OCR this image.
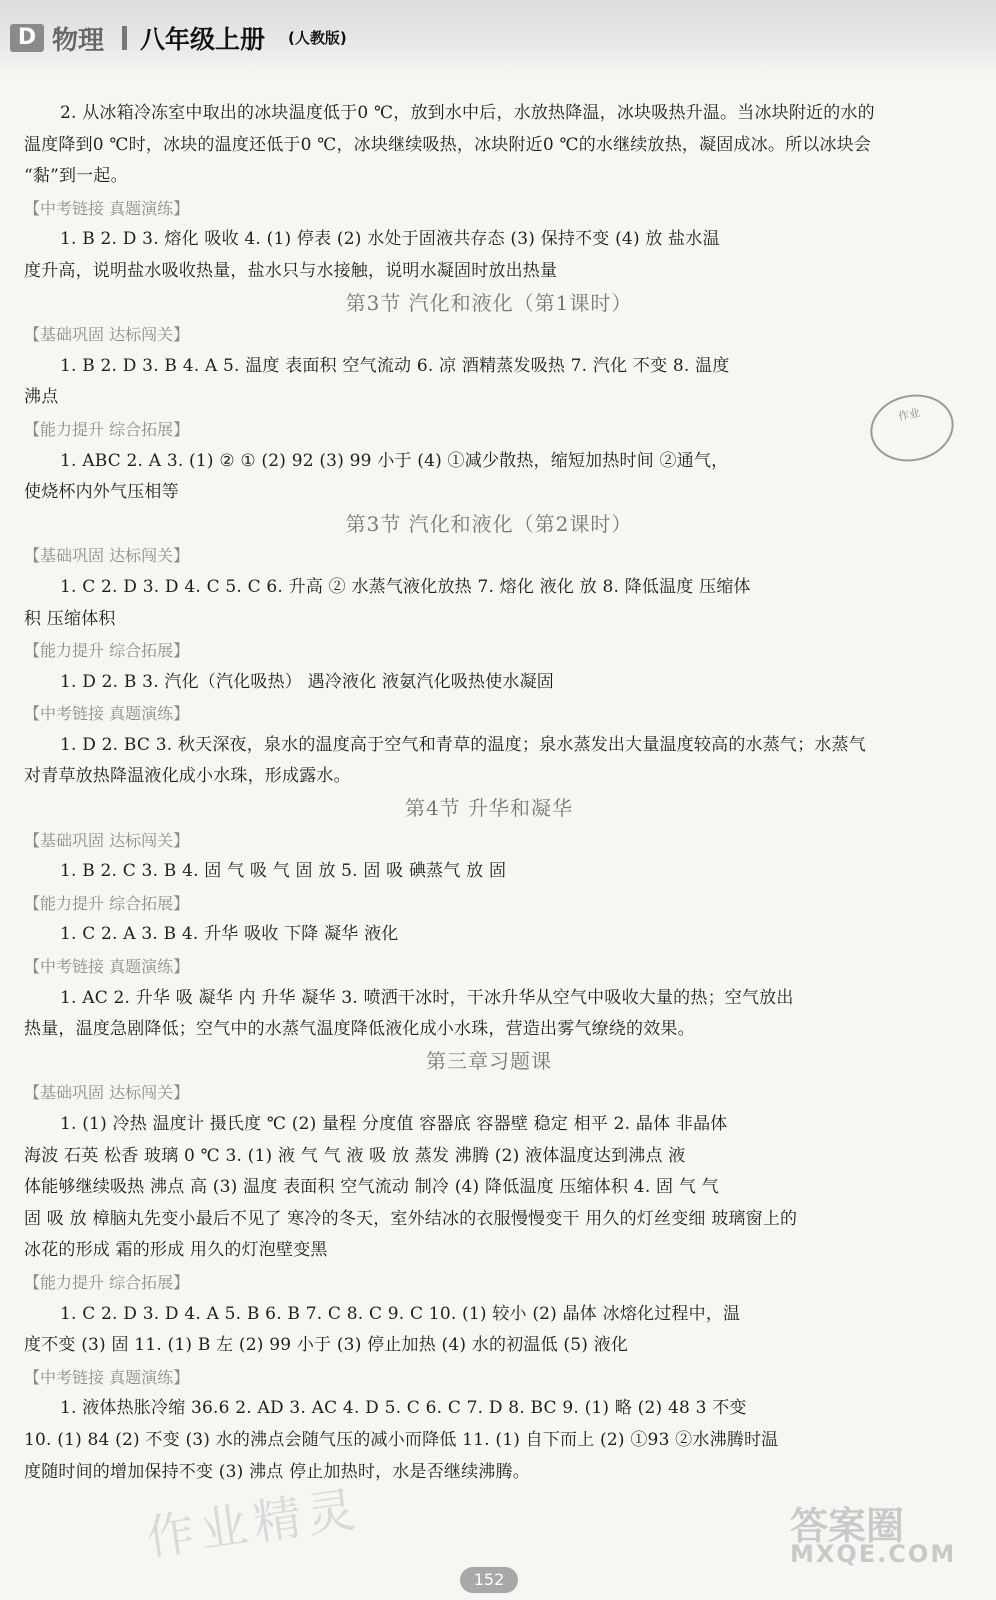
D 物理 八年级上册 (人教版)

2. 从冰箱冷冻室中取出的冰块温度低于0 ℃，放到水中后，水放热降温，冰块吸热升温。当冰块附近的水的

温度降到0 ℃时，冰块的温度还低于0 ℃，冰块继续吸热，冰块附近0 ℃的水继续放热，凝固成冰。所以冰块会

“黏”到一起。

【中考链接 真题演练】

1. B 2. D 3. 熔化 吸收 4. (1) 停表 (2) 水处于固液共存态 (3) 保持不变 (4) 放 盐水温

度升高，说明盐水吸收热量，盐水只与水接触，说明水凝固时放出热量

第3节 汽化和液化（第1课时）

【基础巩固 达标闯关】

1. B 2. D 3. B 4. A 5. 温度 表面积 空气流动 6. 凉 酒精蒸发吸热 7. 汽化 不变 8. 温度

沸点

【能力提升 综合拓展】

1. ABC 2. A 3. (1) ② ① (2) 92 (3) 99 小于 (4) ①减少散热，缩短加热时间 ②通气，

使烧杯内外气压相等

第3节 汽化和液化（第2课时）

【基础巩固 达标闯关】

1. C 2. D 3. D 4. C 5. C 6. 升高 ② 水蒸气液化放热 7. 熔化 液化 放 8. 降低温度 压缩体

积 压缩体积

【能力提升 综合拓展】

1. D 2. B 3. 汽化（汽化吸热） 遇冷液化 液氨汽化吸热使水凝固

【中考链接 真题演练】

1. D 2. BC 3. 秋天深夜，泉水的温度高于空气和青草的温度；泉水蒸发出大量温度较高的水蒸气；水蒸气

对青草放热降温液化成小水珠，形成露水。

第4节 升华和凝华

【基础巩固 达标闯关】

1. B 2. C 3. B 4. 固 气 吸 气 固 放 5. 固 吸 碘蒸气 放 固

【能力提升 综合拓展】

1. C 2. A 3. B 4. 升华 吸收 下降 凝华 液化

【中考链接 真题演练】

1. AC 2. 升华 吸 凝华 内 升华 凝华 3. 喷洒干冰时，干冰升华从空气中吸收大量的热；空气放出

热量，温度急剧降低；空气中的水蒸气温度降低液化成小水珠，营造出雾气缭绕的效果。

第三章习题课

【基础巩固 达标闯关】

1. (1) 冷热 温度计 摄氏度 ℃ (2) 量程 分度值 容器底 容器壁 稳定 相平 2. 晶体 非晶体

海波 石英 松香 玻璃 0 ℃ 3. (1) 液 气 气 液 吸 放 蒸发 沸腾 (2) 液体温度达到沸点 液

体能够继续吸热 沸点 高 (3) 温度 表面积 空气流动 制冷 (4) 降低温度 压缩体积 4. 固 气 气

固 吸 放 樟脑丸先变小最后不见了 寒冷的冬天，室外结冰的衣服慢慢变干 用久的灯丝变细 玻璃窗上的

冰花的形成 霜的形成 用久的灯泡壁变黑

【能力提升 综合拓展】

1. C 2. D 3. D 4. A 5. B 6. B 7. C 8. C 9. C 10. (1) 较小 (2) 晶体 冰熔化过程中，温

度不变 (3) 固 11. (1) B 左 (2) 99 小于 (3) 停止加热 (4) 水的初温低 (5) 液化

【中考链接 真题演练】

1. 液体热胀冷缩 36.6 2. AD 3. AC 4. D 5. C 6. C 7. D 8. BC 9. (1) 略 (2) 48 3 不变

10. (1) 84 (2) 不变 (3) 水的沸点会随气压的减小而降低 11. (1) 自下而上 (2) ①93 ②水沸腾时温

度随时间的增加保持不变 (3) 沸点 停止加热时，水是否继续沸腾。

作业
作业精灵	答案圈
MXQE.COM
152
